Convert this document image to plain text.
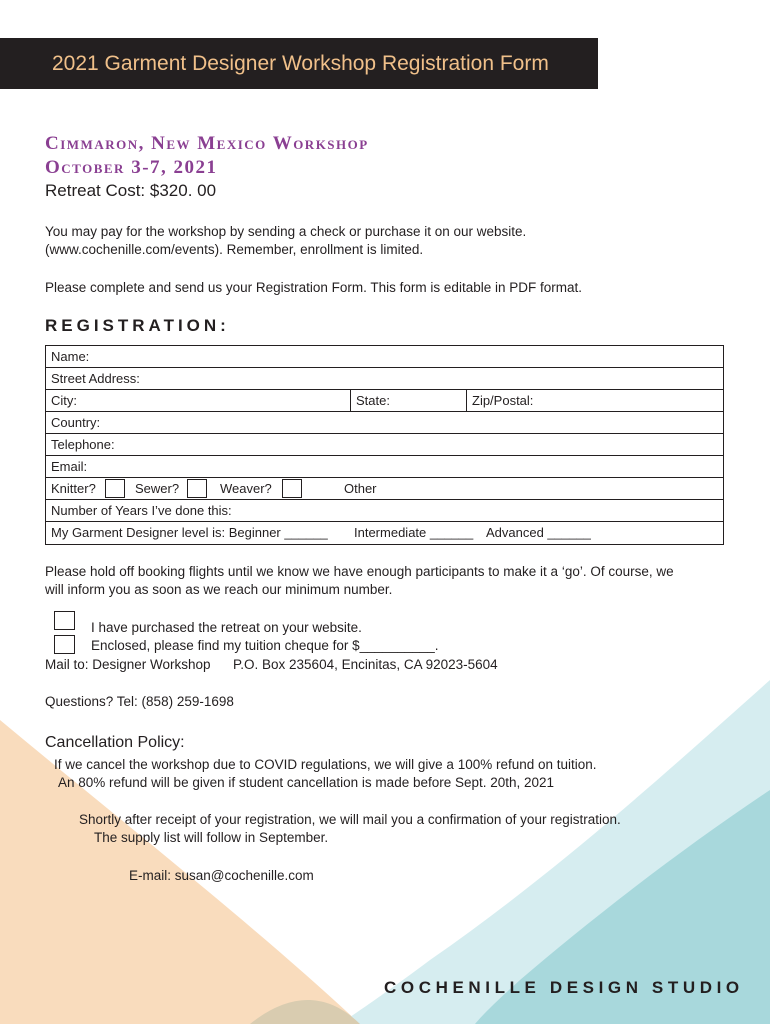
2021 Garment Designer Workshop Registration Form
Cimmaron, New Mexico Workshop
October 3-7, 2021
Retreat Cost: $320. 00
You may pay for the workshop by sending a check or purchase it on our website.
(www.cochenille.com/events). Remember, enrollment is limited.
Please complete and send us your Registration Form. This form is editable in PDF format.
REGISTRATION:
Name:
Street Address:
City:	State:	Zip/Postal:
Country:
Telephone:
Email:
Knitter?	Sewer?	Weaver?	Other
Number of Years I’ve done this:
My Garment Designer level is: Beginner ______	Intermediate ______ Advanced ______
Please hold off booking flights until we know we have enough participants to make it a ‘go’. Of course, we
will inform you as soon as we reach our minimum number.
I have purchased the retreat on your website.
Enclosed, please find my tuition cheque for $__________.
Mail to: Designer Workshop P.O. Box 235604, Encinitas, CA 92023-5604
Questions? Tel: (858) 259-1698
Cancellation Policy:
If we cancel the workshop due to COVID regulations, we will give a 100% refund on tuition.
An 80% refund will be given if student cancellation is made before Sept. 20th, 2021
Shortly after receipt of your registration, we will mail you a confirmation of your registration.
The supply list will follow in September.
E-mail: susan@cochenille.com
COCHENILLE DESIGN STUDIO
